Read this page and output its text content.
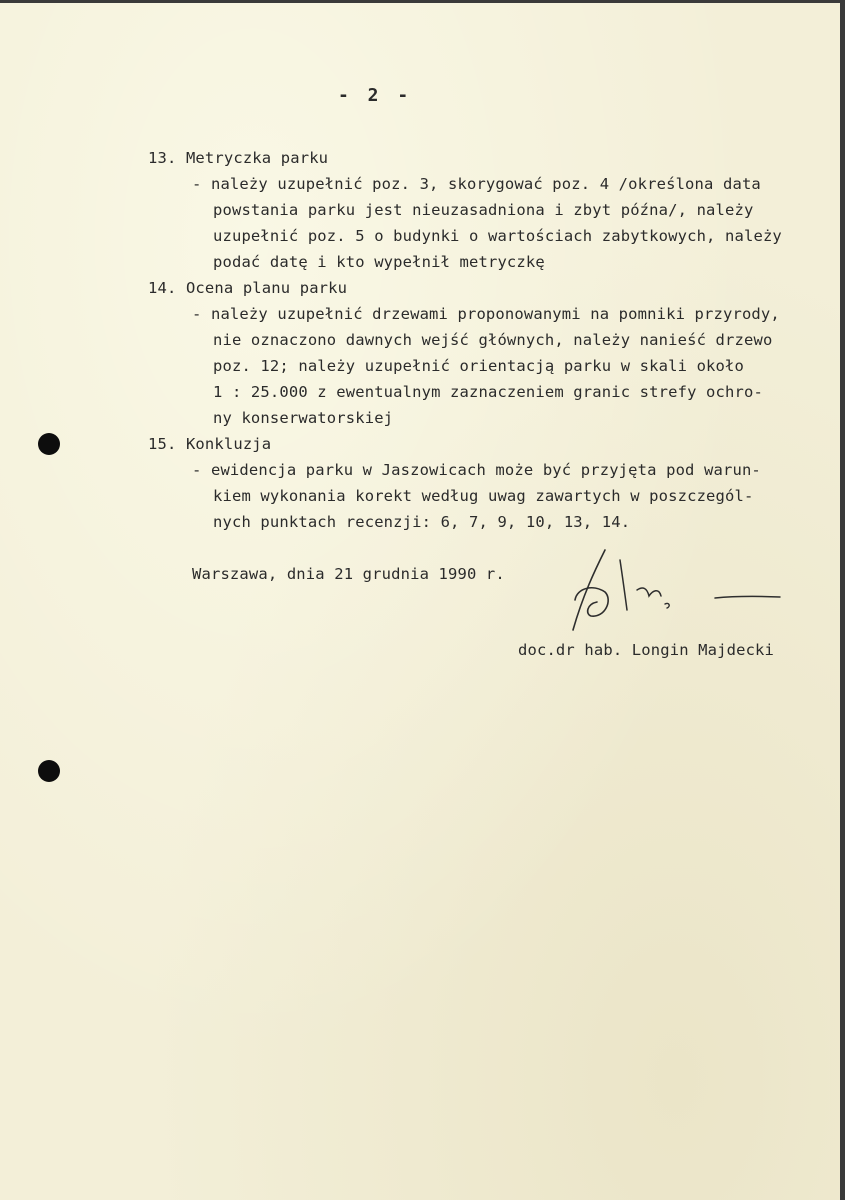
- 2 -
13. Metryczka parku
- należy uzupełnić poz. 3, skorygować poz. 4 /określona data
powstania parku jest nieuzasadniona i zbyt późna/, należy
uzupełnić poz. 5 o budynki o wartościach zabytkowych, należy
podać datę i kto wypełnił metryczkę
14. Ocena planu parku
- należy uzupełnić drzewami proponowanymi na pomniki przyrody,
nie oznaczono dawnych wejść głównych, należy nanieść drzewo
poz. 12; należy uzupełnić orientacją parku w skali około
1 : 25.000 z ewentualnym zaznaczeniem granic strefy ochro-
ny konserwatorskiej
15. Konkluzja
- ewidencja parku w Jaszowicach może być przyjęta pod warun-
kiem wykonania korekt według uwag zawartych w poszczegól-
nych punktach recenzji: 6, 7, 9, 10, 13, 14.
Warszawa, dnia 21 grudnia 1990 r.
doc.dr hab. Longin Majdecki
